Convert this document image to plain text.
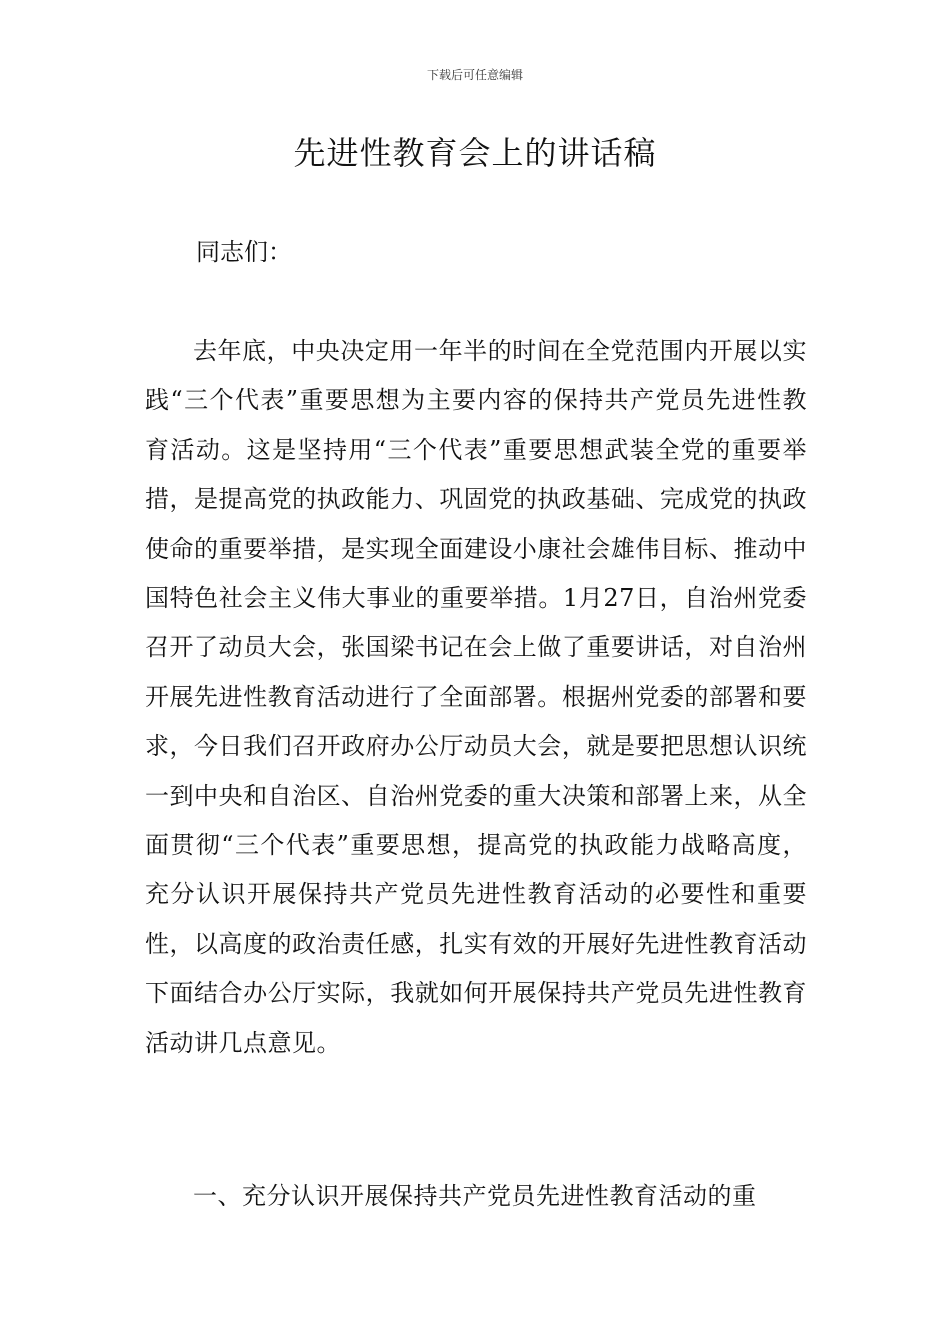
下载后可任意编辑
先进性教育会上的讲话稿

同志们：

去年底，中央决定用一年半的时间在全党范围内开展以实践“三个代表”重要思想为主要内容的保持共产党员先进性教育活动。这是坚持用“三个代表”重要思想武装全党的重要举措，是提高党的执政能力、巩固党的执政基础、完成党的执政使命的重要举措，是实现全面建设小康社会雄伟目标、推动中国特色社会主义伟大事业的重要举措。1月27日，自治州党委召开了动员大会，张国梁书记在会上做了重要讲话，对自治州开展先进性教育活动进行了全面部署。根据州党委的部署和要求，今日我们召开政府办公厅动员大会，就是要把思想认识统一到中央和自治区、自治州党委的重大决策和部署上来，从全面贯彻“三个代表”重要思想，提高党的执政能力战略高度，充分认识开展保持共产党员先进性教育活动的必要性和重要性，以高度的政治责任感，扎实有效的开展好先进性教育活动下面结合办公厅实际，我就如何开展保持共产党员先进性教育活动讲几点意见。

一、充分认识开展保持共产党员先进性教育活动的重
